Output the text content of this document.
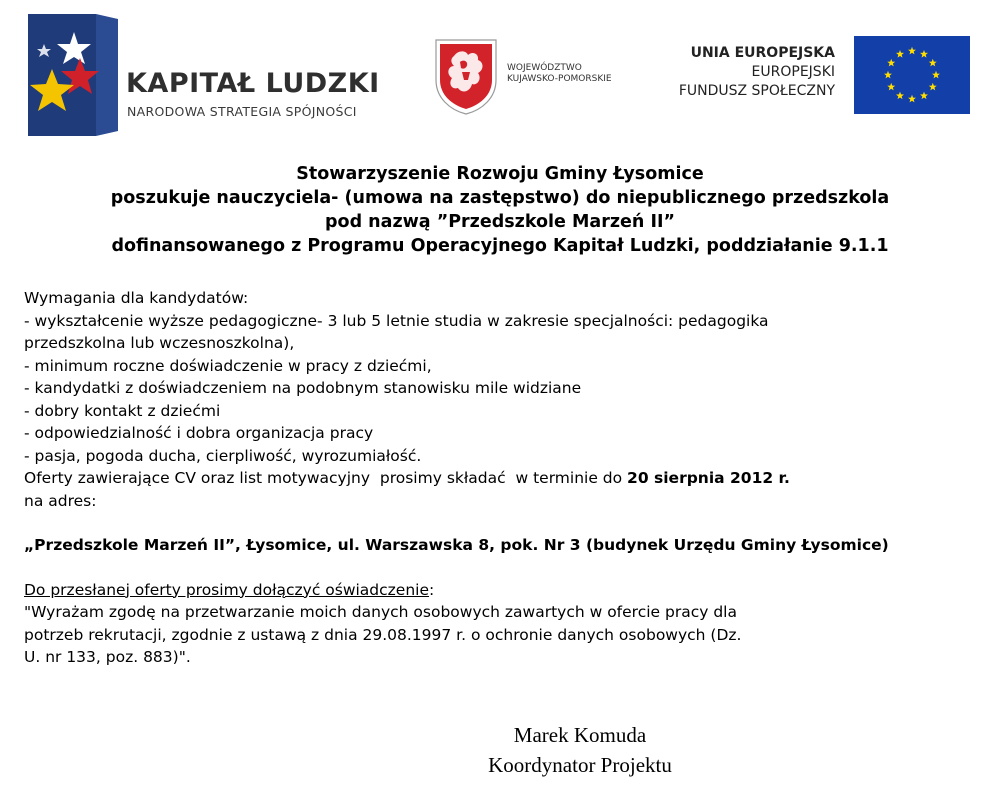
KAPITAŁ LUDZKI
NARODOWA STRATEGIA SPÓJNOŚCI
WOJEWÓDZTWO
KUJAWSKO-POMORSKIE
UNIA EUROPEJSKA
EUROPEJSKI
FUNDUSZ SPOŁECZNY
Stowarzyszenie Rozwoju Gminy Łysomice
poszukuje nauczyciela- (umowa na zastępstwo) do niepublicznego przedszkola
pod nazwą ”Przedszkole Marzeń II”
dofinansowanego z Programu Operacyjnego Kapitał Ludzki, poddziałanie 9.1.1

Wymagania dla kandydatów:

- wykształcenie wyższe pedagogiczne- 3 lub 5 letnie studia w zakresie specjalności: pedagogika
przedszkolna lub wczesnoszkolna),
- minimum roczne doświadczenie w pracy z dziećmi,
- kandydatki z doświadczeniem na podobnym stanowisku mile widziane
- dobry kontakt z dziećmi
- odpowiedzialność i dobra organizacja pracy
- pasja, pogoda ducha, cierpliwość, wyrozumiałość.

Oferty zawierające CV oraz list motywacyjny  prosimy składać  w terminie do 20 sierpnia 2012 r.

na adres:

„Przedszkole Marzeń II”, Łysomice, ul. Warszawska 8, pok. Nr 3 (budynek Urzędu Gminy Łysomice)

Do przesłanej oferty prosimy dołączyć oświadczenie:

"Wyrażam zgodę na przetwarzanie moich danych osobowych zawartych w ofercie pracy dla

potrzeb rekrutacji, zgodnie z ustawą z dnia 29.08.1997 r. o ochronie danych osobowych (Dz.

U. nr 133, poz. 883)".

Marek Komuda
Koordynator Projektu
